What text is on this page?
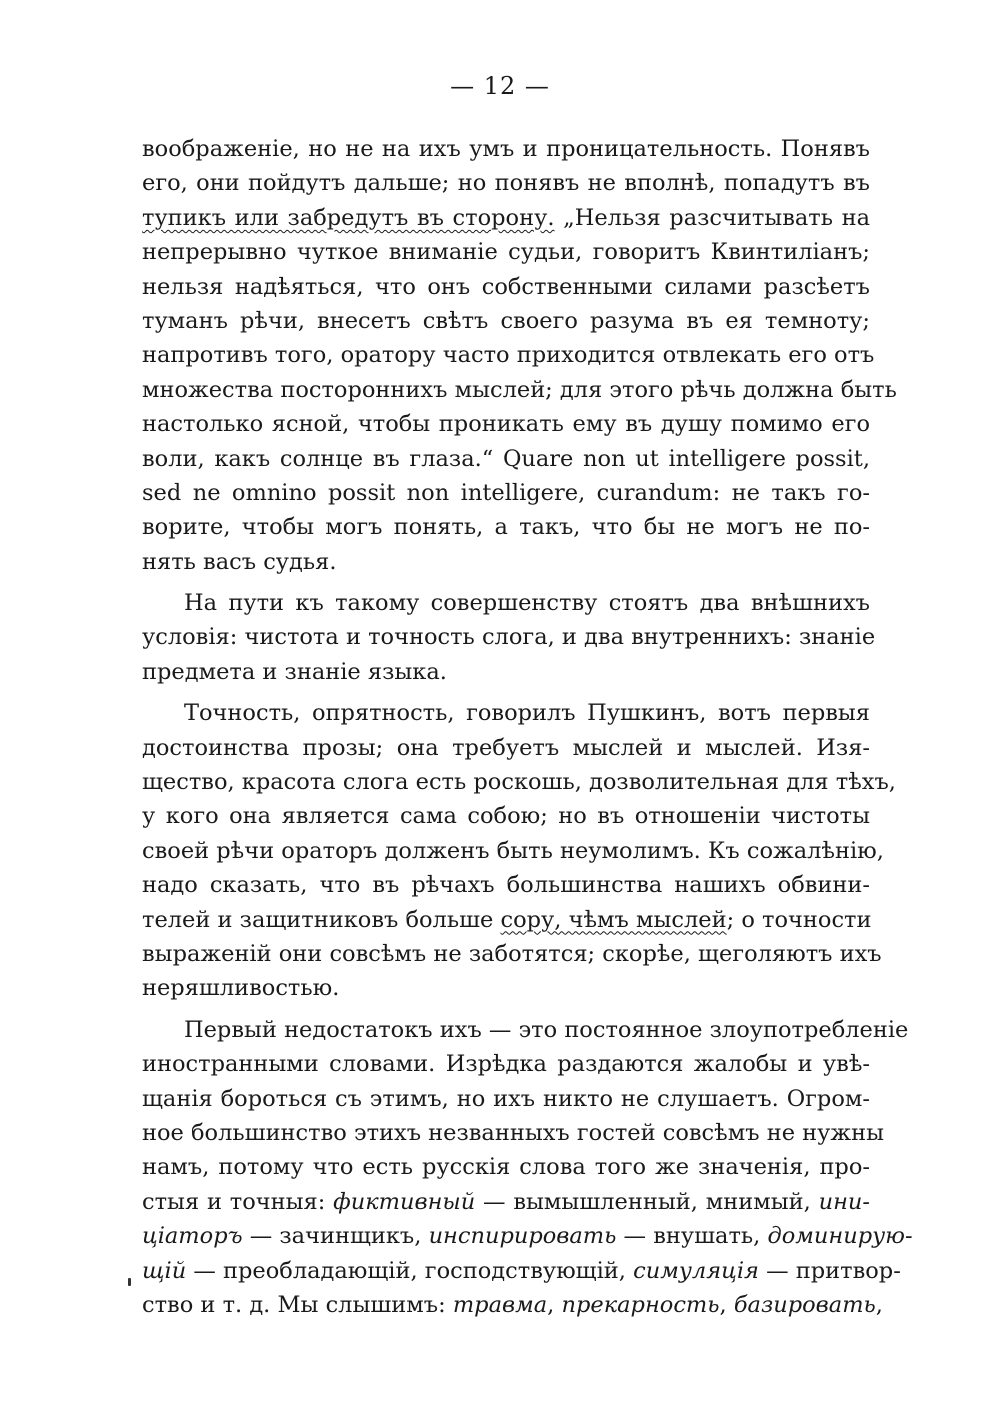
— 12 —
воображеніе, но не на ихъ умъ и проницательность. Понявъ
его, они пойдутъ дальше; но понявъ не вполнѣ, попадутъ въ
тупикъ или забредутъ въ сторону. „Нельзя разсчитывать на
непрерывно чуткое вниманіе судьи, говоритъ Квинтиліанъ;
нельзя надѣяться, что онъ собственными силами разсѣетъ
туманъ рѣчи, внесетъ свѣтъ своего разума въ ея темноту;
напротивъ того, оратору часто приходится отвлекать его отъ
множества постороннихъ мыслей; для этого рѣчь должна быть
настолько ясной, чтобы проникать ему въ душу помимо его
воли, какъ солнце въ глаза.“ Quare non ut intelligere possit,
sed ne omnino possit non intelligere, curandum: не такъ го-
ворите, чтобы могъ понять, а такъ, что бы не могъ не по-
нять васъ судья.
На пути къ такому совершенству стоятъ два внѣшнихъ
условія: чистота и точность слога, и два внутреннихъ: знаніе
предмета и знаніе языка.
Точность, опрятность, говорилъ Пушкинъ, вотъ первыя
достоинства прозы; она требуетъ мыслей и мыслей. Изя-
щество, красота слога есть роскошь, дозволительная для тѣхъ,
у кого она является сама собою; но въ отношеніи чистоты
своей рѣчи ораторъ долженъ быть неумолимъ. Къ сожалѣнію,
надо сказать, что въ рѣчахъ большинства нашихъ обвини-
телей и защитниковъ больше сору, чѣмъ мыслей; о точности
выраженій они совсѣмъ не заботятся; скорѣе, щеголяютъ ихъ
неряшливостью.
Первый недостатокъ ихъ — это постоянное злоупотребленіе
иностранными словами. Изрѣдка раздаются жалобы и увѣ-
щанія бороться съ этимъ, но ихъ никто не слушаетъ. Огром-
ное большинство этихъ незванныхъ гостей совсѣмъ не нужны
намъ, потому что есть русскія слова того же значенія, про-
стыя и точныя: фиктивный — вымышленный, мнимый, ини-
ціаторъ — зачинщикъ, инспирировать — внушать, доминирую-
щій — преобладающій, господствующій, симуляція — притвор-
ство и т. д. Мы слышимъ: травма, прекарность, базировать,
